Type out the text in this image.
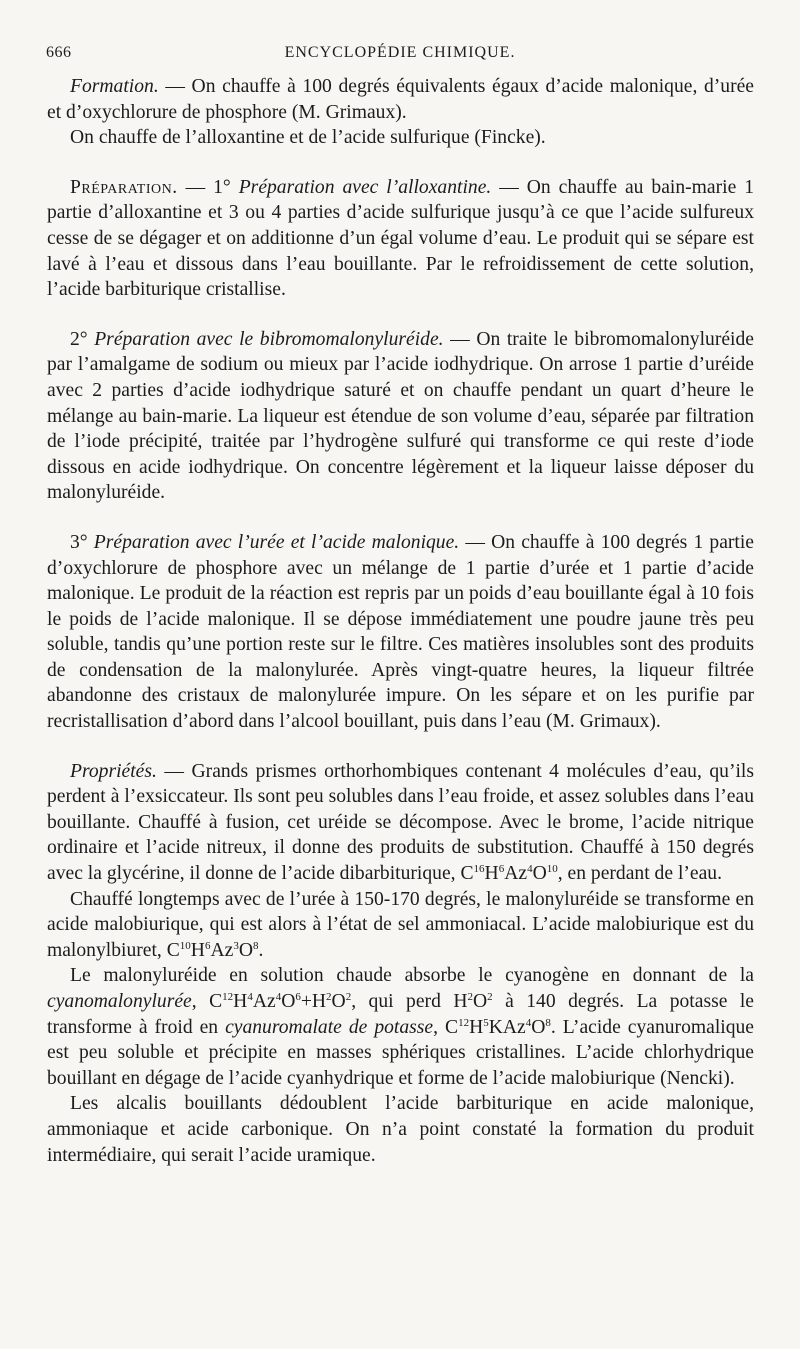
666	ENCYCLOPÉDIE CHIMIQUE.

Formation. — On chauffe à 100 degrés équivalents égaux d’acide malonique, d’urée et d’oxychlorure de phosphore (M. Grimaux).

On chauffe de l’alloxantine et de l’acide sulfurique (Fincke).

Préparation. — 1° Préparation avec l’alloxantine. — On chauffe au bain-marie 1 partie d’alloxantine et 3 ou 4 parties d’acide sulfurique jusqu’à ce que l’acide sulfureux cesse de se dégager et on additionne d’un égal volume d’eau. Le produit qui se sépare est lavé à l’eau et dissous dans l’eau bouillante. Par le refroidissement de cette solution, l’acide barbiturique cristallise.

2° Préparation avec le bibromomalonyluréide. — On traite le bibromomalonyluréide par l’amalgame de sodium ou mieux par l’acide iodhydrique. On arrose 1 partie d’uréide avec 2 parties d’acide iodhydrique saturé et on chauffe pendant un quart d’heure le mélange au bain-marie. La liqueur est étendue de son volume d’eau, séparée par filtration de l’iode précipité, traitée par l’hydrogène sulfuré qui transforme ce qui reste d’iode dissous en acide iodhydrique. On concentre légèrement et la liqueur laisse déposer du malonyluréide.

3° Préparation avec l’urée et l’acide malonique. — On chauffe à 100 degrés 1 partie d’oxychlorure de phosphore avec un mélange de 1 partie d’urée et 1 partie d’acide malonique. Le produit de la réaction est repris par un poids d’eau bouillante égal à 10 fois le poids de l’acide malonique. Il se dépose immédiatement une poudre jaune très peu soluble, tandis qu’une portion reste sur le filtre. Ces matières insolubles sont des produits de condensation de la malonylurée. Après vingt-quatre heures, la liqueur filtrée abandonne des cristaux de malonylurée impure. On les sépare et on les purifie par recristallisation d’abord dans l’alcool bouillant, puis dans l’eau (M. Grimaux).

Propriétés. — Grands prismes orthorhombiques contenant 4 molécules d’eau, qu’ils perdent à l’exsiccateur. Ils sont peu solubles dans l’eau froide, et assez solubles dans l’eau bouillante. Chauffé à fusion, cet uréide se décompose. Avec le brome, l’acide nitrique ordinaire et l’acide nitreux, il donne des produits de substitution. Chauffé à 150 degrés avec la glycérine, il donne de l’acide dibarbiturique, $C^{16}H^6Az^4O^{10}$, en perdant de l’eau.

Chauffé longtemps avec de l’urée à 150-170 degrés, le malonyluréide se transforme en acide malobiurique, qui est alors à l’état de sel ammoniacal. L’acide malobiurique est du malonylbiuret, $C^{10}H^6Az^3O^8$.

Le malonyluréide en solution chaude absorbe le cyanogène en donnant de la cyanomalonylurée, $C^{12}H^4Az^4O^6+H^2O^2$, qui perd $H^2O^2$ à 140 degrés. La potasse le transforme à froid en cyanuromalate de potasse, $C^{12}H^5KAz^4O^8$. L’acide cyanuromalique est peu soluble et précipite en masses sphériques cristallines. L’acide chlorhydrique bouillant en dégage de l’acide cyanhydrique et forme de l’acide malobiurique (Nencki).

Les alcalis bouillants dédoublent l’acide barbiturique en acide malonique, ammoniaque et acide carbonique. On n’a point constaté la formation du produit intermédiaire, qui serait l’acide uramique.
